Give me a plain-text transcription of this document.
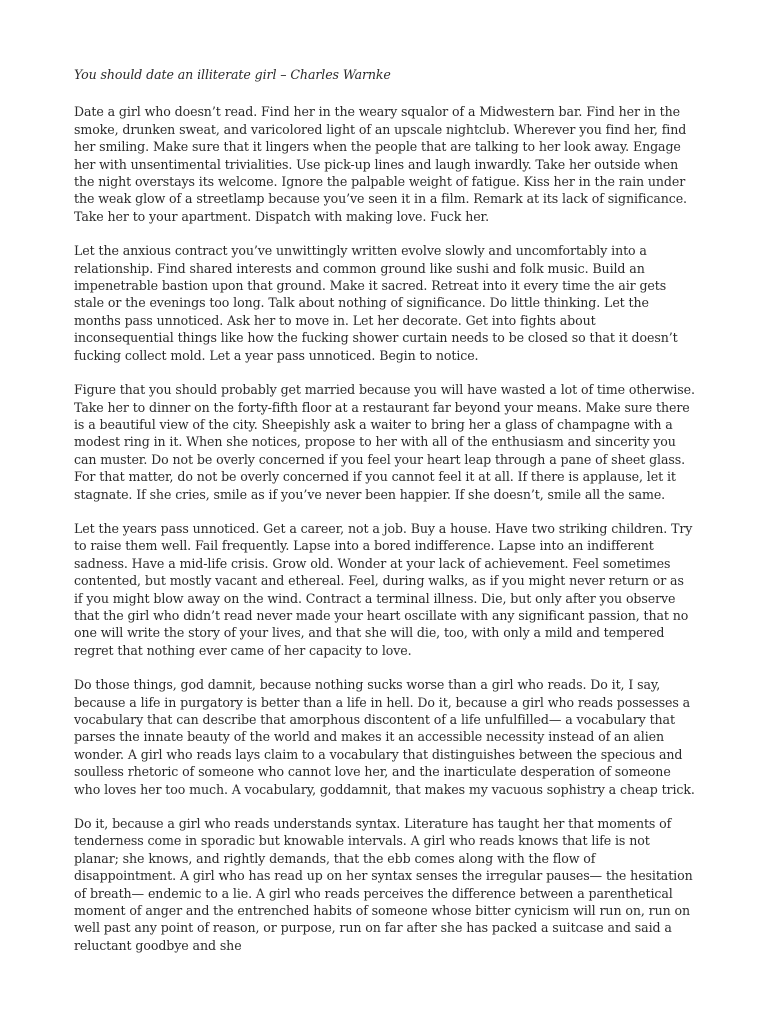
You should date an illiterate girl – Charles Warnke

Date a girl who doesn’t read. Find her in the weary squalor of a Midwestern bar. Find her in the smoke, drunken sweat, and varicolored light of an upscale nightclub. Wherever you find her, find her smiling. Make sure that it lingers when the people that are talking to her look away. Engage her with unsentimental trivialities. Use pick-up lines and laugh inwardly. Take her outside when the night overstays its welcome. Ignore the palpable weight of fatigue. Kiss her in the rain under the weak glow of a streetlamp because you’ve seen it in a film. Remark at its lack of significance. Take her to your apartment. Dispatch with making love. Fuck her.

Let the anxious contract you’ve unwittingly written evolve slowly and uncomfortably into a relationship. Find shared interests and common ground like sushi and folk music. Build an impenetrable bastion upon that ground. Make it sacred. Retreat into it every time the air gets stale or the evenings too long. Talk about nothing of significance. Do little thinking. Let the months pass unnoticed. Ask her to move in. Let her decorate. Get into fights about inconsequential things like how the fucking shower curtain needs to be closed so that it doesn’t fucking collect mold. Let a year pass unnoticed. Begin to notice.

Figure that you should probably get married because you will have wasted a lot of time otherwise. Take her to dinner on the forty-fifth floor at a restaurant far beyond your means. Make sure there is a beautiful view of the city. Sheepishly ask a waiter to bring her a glass of champagne with a modest ring in it. When she notices, propose to her with all of the enthusiasm and sincerity you can muster. Do not be overly concerned if you feel your heart leap through a pane of sheet glass. For that matter, do not be overly concerned if you cannot feel it at all. If there is applause, let it stagnate. If she cries, smile as if you’ve never been happier. If she doesn’t, smile all the same.

Let the years pass unnoticed. Get a career, not a job. Buy a house. Have two striking children. Try to raise them well. Fail frequently. Lapse into a bored indifference. Lapse into an indifferent sadness. Have a mid-life crisis. Grow old. Wonder at your lack of achievement. Feel sometimes contented, but mostly vacant and ethereal. Feel, during walks, as if you might never return or as if you might blow away on the wind. Contract a terminal illness. Die, but only after you observe that the girl who didn’t read never made your heart oscillate with any significant passion, that no one will write the story of your lives, and that she will die, too, with only a mild and tempered regret that nothing ever came of her capacity to love.

Do those things, god damnit, because nothing sucks worse than a girl who reads. Do it, I say, because a life in purgatory is better than a life in hell. Do it, because a girl who reads possesses a vocabulary that can describe that amorphous discontent of a life unfulfilled— a vocabulary that parses the innate beauty of the world and makes it an accessible necessity instead of an alien wonder. A girl who reads lays claim to a vocabulary that distinguishes between the specious and soulless rhetoric of someone who cannot love her, and the inarticulate desperation of someone who loves her too much. A vocabulary, goddamnit, that makes my vacuous sophistry a cheap trick.

Do it, because a girl who reads understands syntax. Literature has taught her that moments of tenderness come in sporadic but knowable intervals. A girl who reads knows that life is not planar; she knows, and rightly demands, that the ebb comes along with the flow of disappointment. A girl who has read up on her syntax senses the irregular pauses— the hesitation of breath— endemic to a lie. A girl who reads perceives the difference between a parenthetical moment of anger and the entrenched habits of someone whose bitter cynicism will run on, run on well past any point of reason, or purpose, run on far after she has packed a suitcase and said a reluctant goodbye and she
